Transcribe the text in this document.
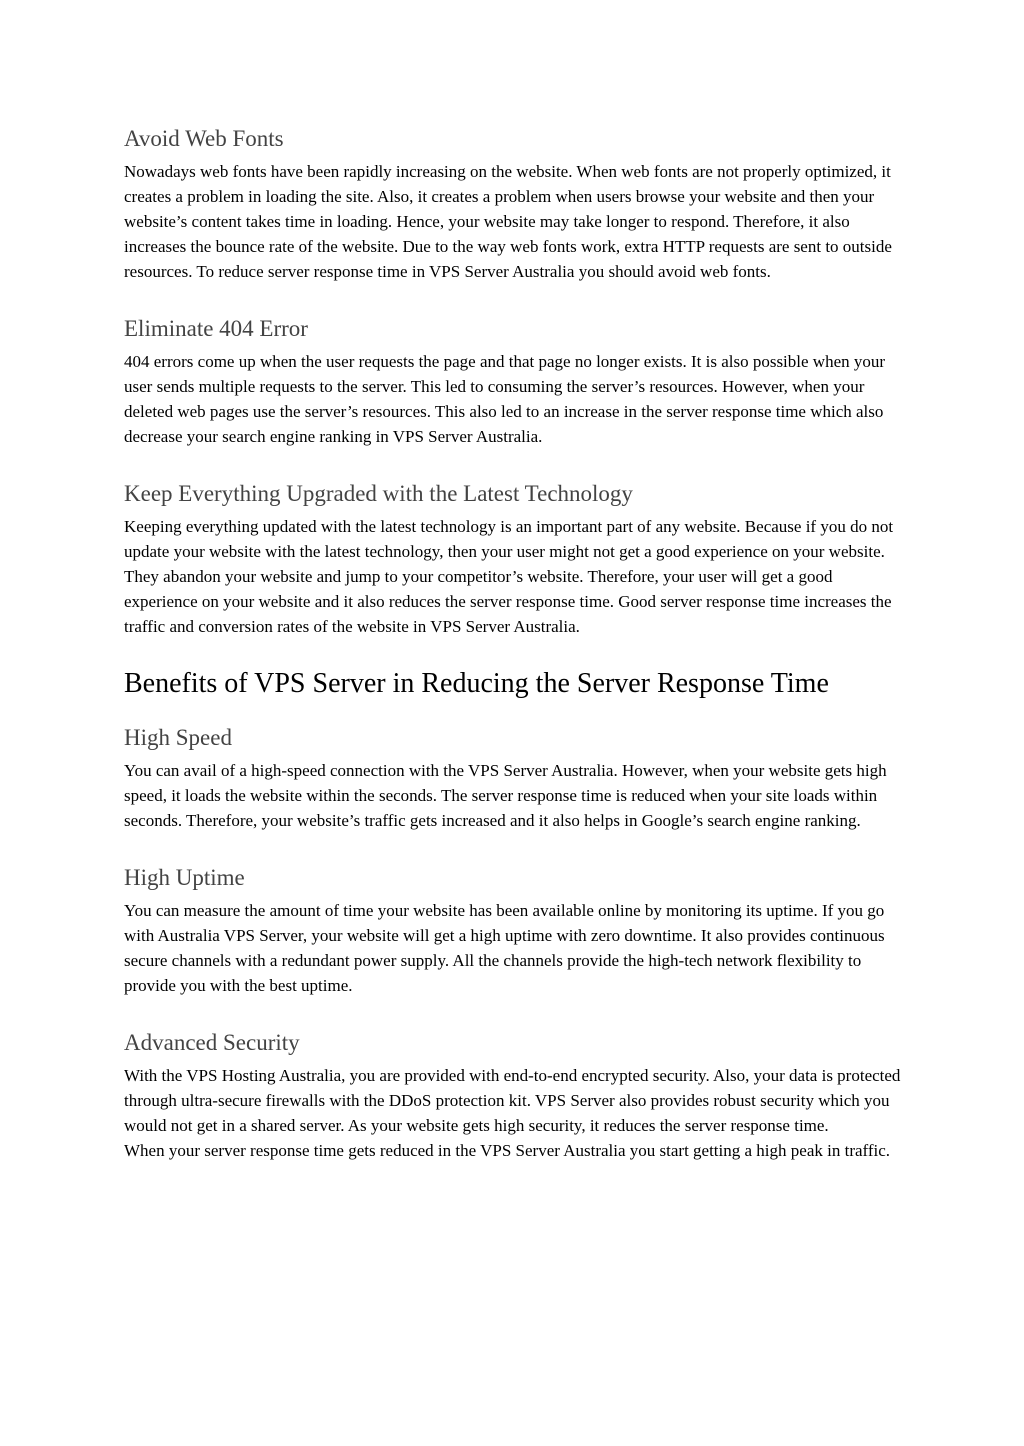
Avoid Web Fonts

Nowadays web fonts have been rapidly increasing on the website. When web fonts are not properly optimized, it creates a problem in loading the site. Also, it creates a problem when users browse your website and then your website’s content takes time in loading. Hence, your website may take longer to respond. Therefore, it also increases the bounce rate of the website. Due to the way web fonts work, extra HTTP requests are sent to outside resources. To reduce server response time in VPS Server Australia you should avoid web fonts.

Eliminate 404 Error

404 errors come up when the user requests the page and that page no longer exists. It is also possible when your user sends multiple requests to the server. This led to consuming the server’s resources. However, when your deleted web pages use the server’s resources. This also led to an increase in the server response time which also decrease your search engine ranking in VPS Server Australia.

Keep Everything Upgraded with the Latest Technology

Keeping everything updated with the latest technology is an important part of any website. Because if you do not update your website with the latest technology, then your user might not get a good experience on your website. They abandon your website and jump to your competitor’s website. Therefore, your user will get a good experience on your website and it also reduces the server response time. Good server response time increases the traffic and conversion rates of the website in VPS Server Australia.

Benefits of VPS Server in Reducing the Server Response Time
High Speed

You can avail of a high-speed connection with the VPS Server Australia. However, when your website gets high speed, it loads the website within the seconds. The server response time is reduced when your site loads within seconds. Therefore, your website’s traffic gets increased and it also helps in Google’s search engine ranking.

High Uptime

You can measure the amount of time your website has been available online by monitoring its uptime. If you go with Australia VPS Server, your website will get a high uptime with zero downtime. It also provides continuous secure channels with a redundant power supply. All the channels provide the high-tech network flexibility to provide you with the best uptime.

Advanced Security

With the VPS Hosting Australia, you are provided with end-to-end encrypted security. Also, your data is protected through ultra-secure firewalls with the DDoS protection kit. VPS Server also provides robust security which you would not get in a shared server. As your website gets high security, it reduces the server response time.

When your server response time gets reduced in the VPS Server Australia you start getting a high peak in traffic.
